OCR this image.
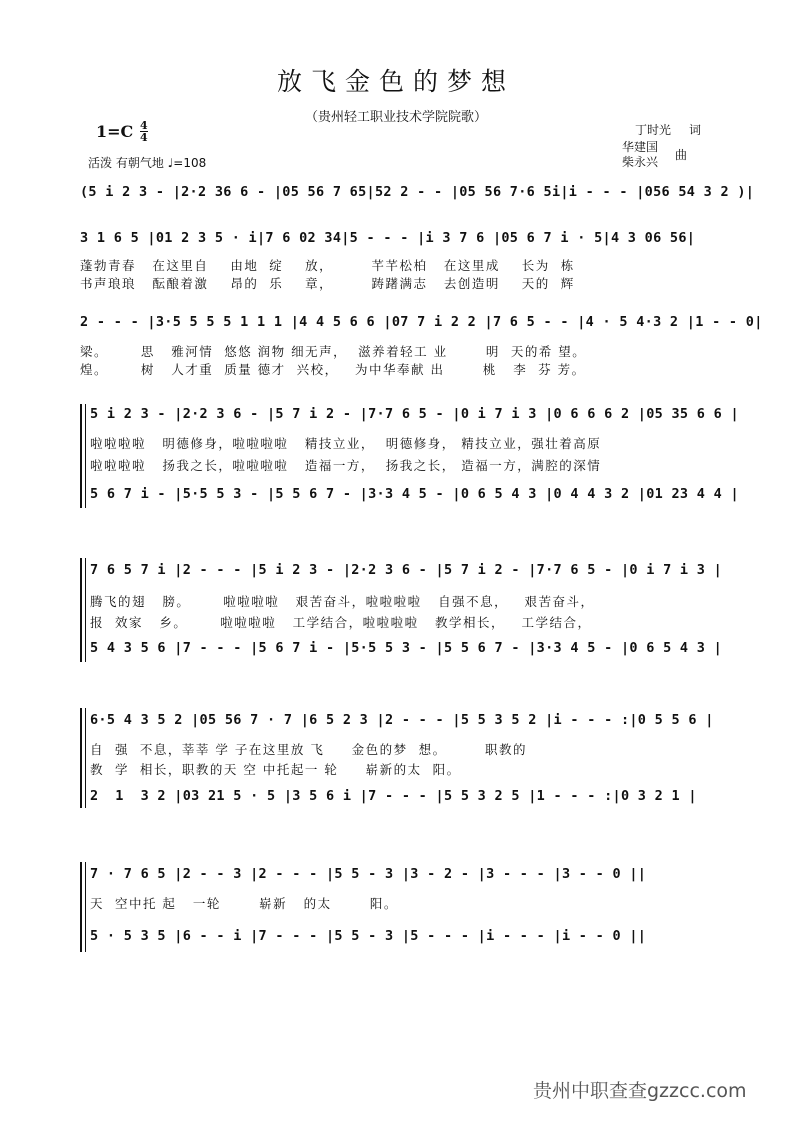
放飞金色的梦想
（贵州轻工职业技术学院院歌）
1=C 4
4
活泼 有朝气地 ♩=108
丁时光 词
华建国
柴永兴 曲
(5 i 2 3 - |2·2 36 6 - |05 56 7 65|52 2 - - |05 56 7·6 5i|i - - - |056 54 3 2 )|
3 1 6 5 |01 2 3 5 · i|7 6 02 34|5 - - - |i 3 7 6 |05 6 7 i · 5|4 3 06 56|
蓬勃青春   在这里自    由地  绽    放，       芊芊松柏   在这里成    长为  栋
书声琅琅   酝酿着激    昂的  乐    章，       踌躇满志   去创造明    天的  辉
2 - - - |3·5 5 5 5 1 1 1 |4 4 5 6 6 |07 7 i 2 2 |7 6 5 - - |4 · 5 4·3 2 |1 - - 0|
梁。      思   雅河情  悠悠 润物 细无声，  滋养着轻工 业       明  天的希 望。
煌。      树   人才重  质量 德才  兴校，   为中华奉献 出       桃   李  芬 芳。
5 i 2 3 - |2·2 3 6 - |5 7 i 2 - |7·7 6 5 - |0 i 7 i 3 |0 6 6 6 2 |05 35 6 6 |
啦啦啦啦   明德修身，啦啦啦啦   精技立业，  明德修身， 精技立业，强壮着高原
啦啦啦啦   扬我之长，啦啦啦啦   造福一方，  扬我之长， 造福一方，满腔的深情
5 6 7 i - |5·5 5 3 - |5 5 6 7 - |3·3 4 5 - |0 6 5 4 3 |0 4 4 3 2 |01 23 4 4 |
7 6 5 7 i |2 - - - |5 i 2 3 - |2·2 3 6 - |5 7 i 2 - |7·7 6 5 - |0 i 7 i 3 |
腾飞的翅   膀。      啦啦啦啦   艰苦奋斗，啦啦啦啦   自强不息，   艰苦奋斗，
报  效家   乡。      啦啦啦啦   工学结合，啦啦啦啦   教学相长，   工学结合，
5 4 3 5 6 |7 - - - |5 6 7 i - |5·5 5 3 - |5 5 6 7 - |3·3 4 5 - |0 6 5 4 3 |
6·5 4 3 5 2 |05 56 7 · 7 |6 5 2 3 |2 - - - |5 5 3 5 2 |i - - - :|0 5 5 6 |
自  强  不息，莘莘 学 子在这里放 飞     金色的梦  想。       职教的
教  学  相长，职教的天 空 中托起一 轮     崭新的太  阳。
2  1  3 2 |03 21 5 · 5 |3 5 6 i |7 - - - |5 5 3 2 5 |1 - - - :|0 3 2 1 |
7 · 7 6 5 |2 - - 3 |2 - - - |5 5 - 3 |3 - 2 - |3 - - - |3 - - 0 ||
天  空中托 起   一轮       崭新   的太       阳。
5 · 5 3 5 |6 - - i |7 - - - |5 5 - 3 |5 - - - |i - - - |i - - 0 ||
贵州中职查查gzzcc.com
